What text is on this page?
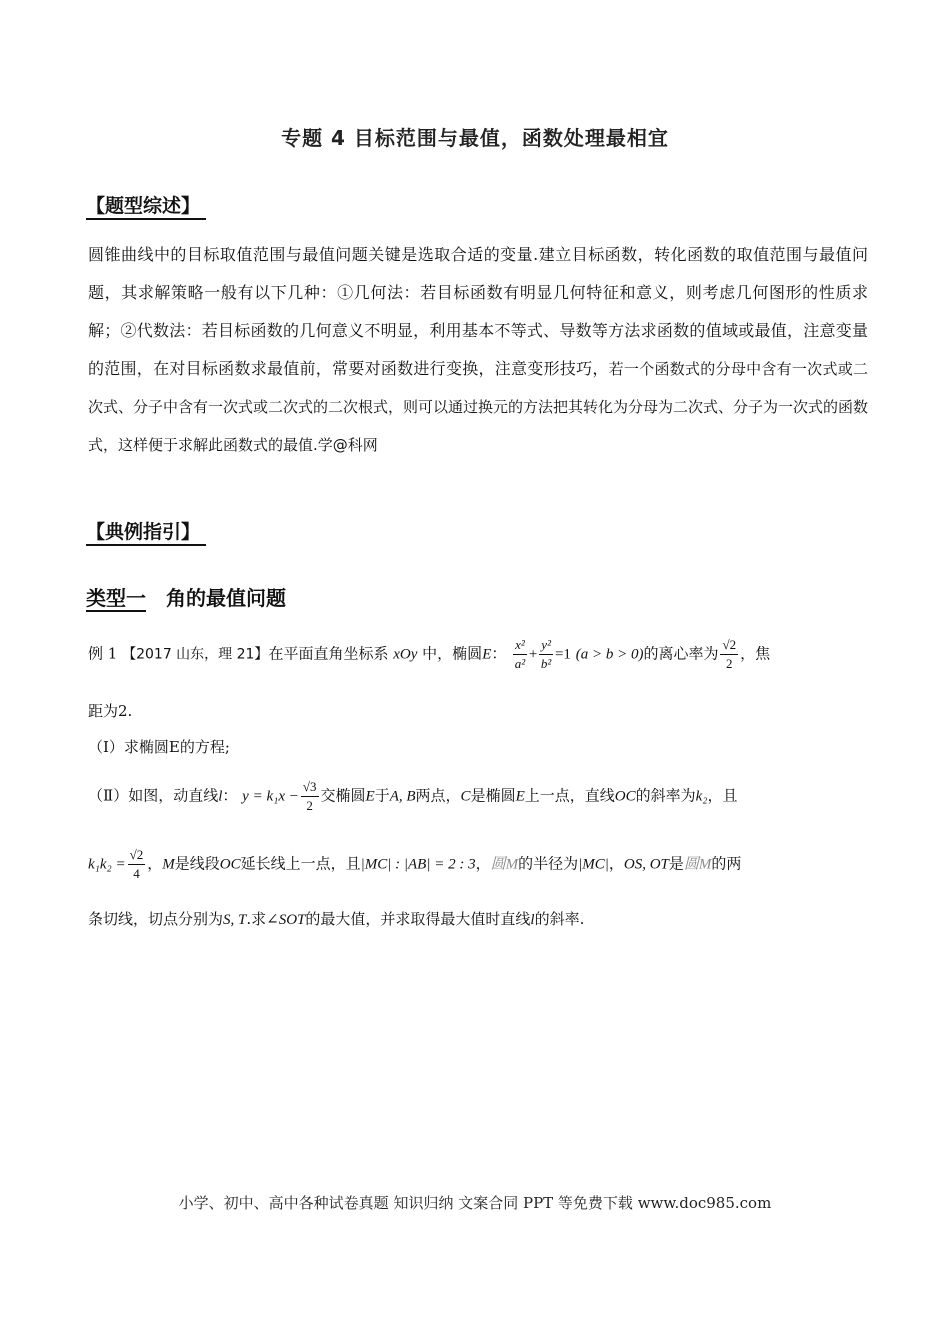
专题 4 目标范围与最值，函数处理最相宜
【题型综述】
圆锥曲线中的目标取值范围与最值问题关键是选取合适的变量.建立目标函数，转化函数的取值范围与最值问题，其求解策略一般有以下几种：①几何法：若目标函数有明显几何特征和意义，则考虑几何图形的性质求解；②代数法：若目标函数的几何意义不明显，利用基本不等式、导数等方法求函数的值域或最值，注意变量的范围，在对目标函数求最值前，常要对函数进行变换，注意变形技巧，若一个函数式的分母中含有一次式或二次式、分子中含有一次式或二次式的二次根式，则可以通过换元的方法把其转化为分母为二次式、分子为一次式的函数式，这样便于求解此函数式的最值.学@科网
【典例指引】
类型一 角的最值问题
例 1 【2017 山东，理 21】在平面直角坐标系 xOy 中，椭圆E： $\frac{\text{x²}}{\text{a²}} + \frac{\text{y²}}{\text{b²}} =1$ (a > b > 0)的离心率为 $\frac{√2}{2}$ ，焦
距为2.
（Ⅰ）求椭圆E的方程;
（Ⅱ）如图，动直线l： $y = k_1x - \frac{√3}{2}$ 交椭圆E于A, B两点，C是椭圆E上一点，直线OC的斜率为k₂，且
$k_1k_2 = \frac{√2}{4}$ ，M是线段OC延长线上一点，且|MC| : |AB| = 2 : 3，圆M的半径为|MC|，OS, OT是圆M的两
条切线，切点分别为S, T.求∠SOT的最大值，并求取得最大值时直线l的斜率.
小学、初中、高中各种试卷真题 知识归纳 文案合同 PPT 等免费下载 www.doc985.com
